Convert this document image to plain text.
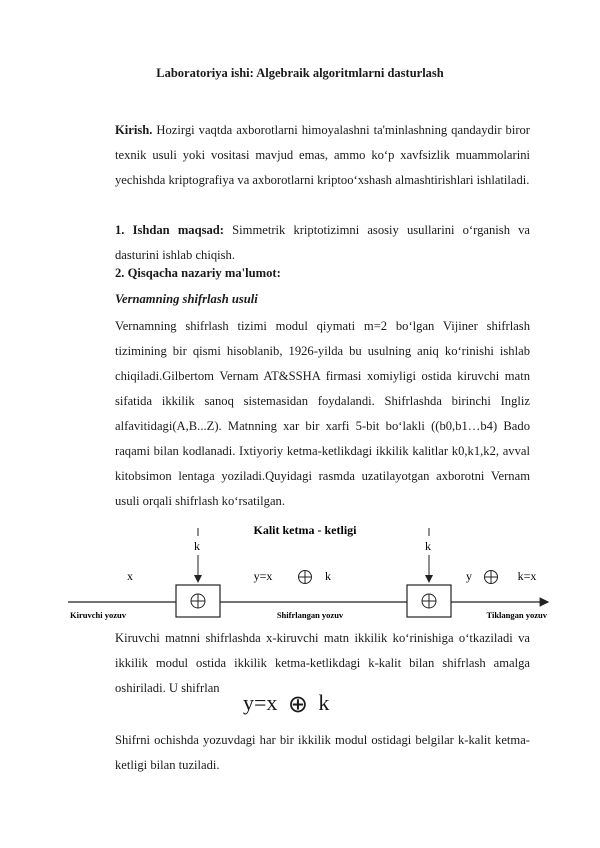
Laboratoriya ishi: Algebraik algoritmlarni dasturlash

Kirish. Hozirgi vaqtda axborotlarni himoyalashni ta'minlashning qandaydir biror texnik usuli yoki vositasi mavjud emas, ammo ko‘p xavfsizlik muammolarini yechishda kriptografiya va axborotlarni kriptoo‘xshash almashtirishlari ishlatiladi.

1. Ishdan maqsad: Simmetrik kriptotizimni asosiy usullarini o‘rganish va dasturini ishlab chiqish.

2. Qisqacha nazariy ma'lumot:
Vernamning shifrlash usuli

Vernamning shifrlash tizimi modul qiymati m=2 bo‘lgan Vijiner shifrlash tizimining bir qismi hisoblanib, 1926-yilda bu usulning aniq ko‘rinishi ishlab chiqiladi.Gilbertom Vernam AT&SSHA firmasi xomiyligi ostida kiruvchi matn sifatida ikkilik sanoq sistemasidan foydalandi. Shifrlashda birinchi Ingliz alfavitidagi(A,B...Z). Matnning xar bir xarfi 5-bit bo‘lakli ((b0,b1…b4) Bado raqami bilan kodlanadi. Ixtiyoriy ketma-ketlikdagi ikkilik kalitlar k0,k1,k2, avval kitobsimon lentaga yoziladi.Quyidagi rasmda uzatilayotgan axborotni Vernam usuli orqali shifrlash ko‘rsatilgan.

Kalit ketma - ketligi
k	k
x	y=x	k	y	k=x
Kiruvchi yozuv	Shifrlangan yozuv	Tiklangan yozuv

Kiruvchi matnni shifrlashda x-kiruvchi matn ikkilik ko‘rinishiga o‘tkaziladi va ikkilik modul ostida ikkilik ketma-ketlikdagi k-kalit bilan shifrlash amalga oshiriladi. U shifrlan

y=x ⊕ k

Shifrni ochishda yozuvdagi har bir ikkilik modul ostidagi belgilar k-kalit ketma-ketligi bilan tuziladi.
